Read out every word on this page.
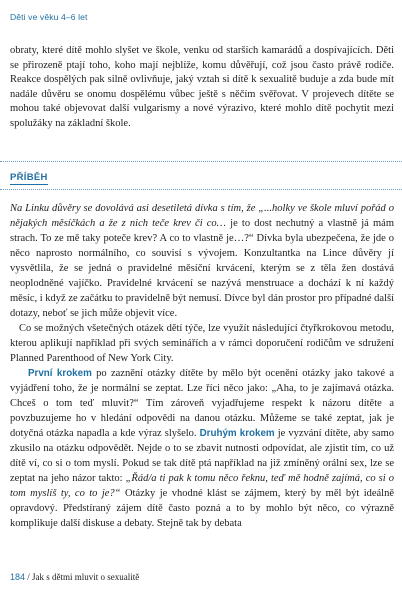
Děti ve věku 4–6 let

obraty, které dítě mohlo slyšet ve škole, venku od starších kamarádů a dospívajících. Děti se přirozeně ptají toho, koho mají nejblíže, komu důvěřují, což jsou často právě rodiče. Reakce dospělých pak silně ovlivňuje, jaký vztah si dítě k sexualitě buduje a zda bude mít nadále důvěru se onomu dospělému vůbec ještě s něčím svěřovat. V projevech dítěte se mohou také objevovat další vulgarismy a nové výrazivo, které mohlo dítě pochytit mezi spolužáky na základní škole.

PŘÍBĚH

Na Linku důvěry se dovolává asi desetiletá dívka s tím, že „...holky ve škole mluví pořád o nějakých měsíčkách a že z nich teče krev či co… je to dost nechutný a vlastně já mám strach. To ze mě taky poteče krev? A co to vlastně je…?“ Dívka byla ubezpečena, že jde o něco naprosto normálního, co souvisí s vývojem. Konzultantka na Lince důvěry jí vysvětlila, že se jedná o pravidelné měsíční krvácení, kterým se z těla žen dostává neoplodněné vajíčko. Pravidelné krvácení se nazývá menstruace a dochází k ní každý měsíc, i když ze začátku to pravidelně být nemusí. Dívce byl dán prostor pro případné další dotazy, neboť se jich může objevit více.

Co se možných všetečných otázek dětí týče, lze využít následující čtyřkrokovou metodu, kterou aplikují například při svých seminářích a v rámci doporučení rodičům ve sdružení Planned Parenthood of New York City.

První krokem po zaznění otázky dítěte by mělo být ocenění otázky jako takové a vyjádření toho, že je normální se zeptat. Lze říci něco jako: „Aha, to je zajímavá otázka. Chceš o tom teď mluvit?“ Tím zároveň vyjadřujeme respekt k názoru dítěte a povzbuzujeme ho v hledání odpovědi na danou otázku. Můžeme se také zeptat, jak je dotyčná otázka napadla a kde výraz slyšelo. Druhým krokem je vyzvání dítěte, aby samo zkusilo na otázku odpovědět. Nejde o to se zbavit nutnosti odpovídat, ale zjistit tím, co už dítě ví, co si o tom myslí. Pokud se tak dítě ptá například na již zmíněný orální sex, lze se zeptat na jeho názor takto: „Řád/a ti pak k tomu něco řeknu, teď mě hodně zajímá, co si o tom myslíš ty, co to je?“ Otázky je vhodné klást se zájmem, který by měl být ideálně opravdový. Předstíraný zájem dítě často pozná a to by mohlo být něco, co výrazně komplikuje další diskuse a debaty. Stejně tak by debata

184 / Jak s dětmi mluvit o sexualitě
